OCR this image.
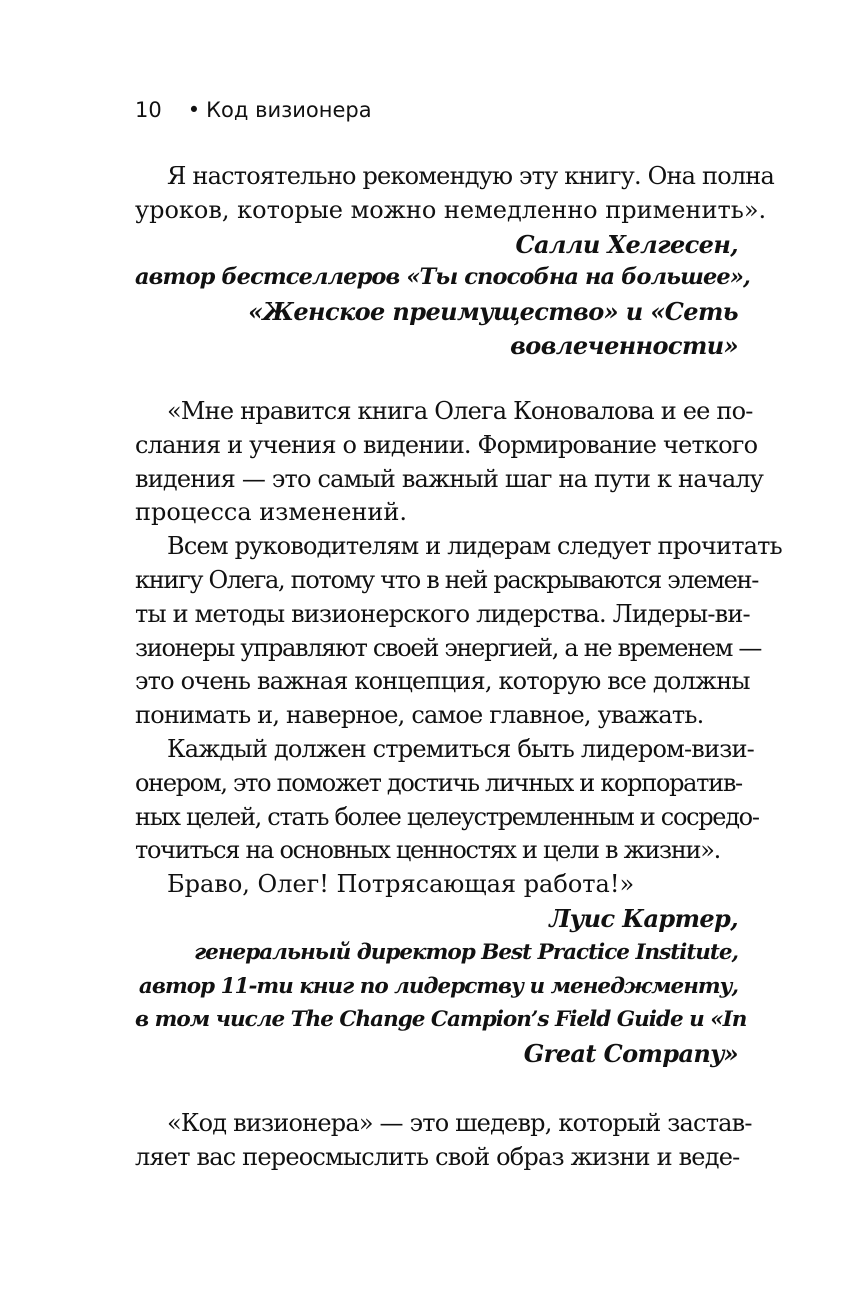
10 • Код визионера
Я настоятельно рекомендую эту книгу. Она полна
уроков, которые можно немедленно применить».
Салли Хелгесен,
автор бестселлеров «Ты способна на большее»,
«Женское преимущество» и «Сеть
вовлеченности»
«Мне нравится книга Олега Коновалова и ее по-
слания и учения о видении. Формирование четкого
видения — это самый важный шаг на пути к началу
процесса изменений.
Всем руководителям и лидерам следует прочитать
книгу Олега, потому что в ней раскрываются элемен-
ты и методы визионерского лидерства. Лидеры-ви-
зионеры управляют своей энергией, а не временем —
это очень важная концепция, которую все должны
понимать и, наверное, самое главное, уважать.
Каждый должен стремиться быть лидером-визи-
онером, это поможет достичь личных и корпоратив-
ных целей, стать более целеустремленным и сосредо-
точиться на основных ценностях и цели в жизни».
Браво, Олег! Потрясающая работа!»
Луис Картер,
генеральный директор Best Practice Institute,
автор 11-ти книг по лидерству и менеджменту,
в том числе The Change Campion’s Field Guide и «In
Great Company»
«Код визионера» — это шедевр, который застав-
ляет вас переосмыслить свой образ жизни и веде-
